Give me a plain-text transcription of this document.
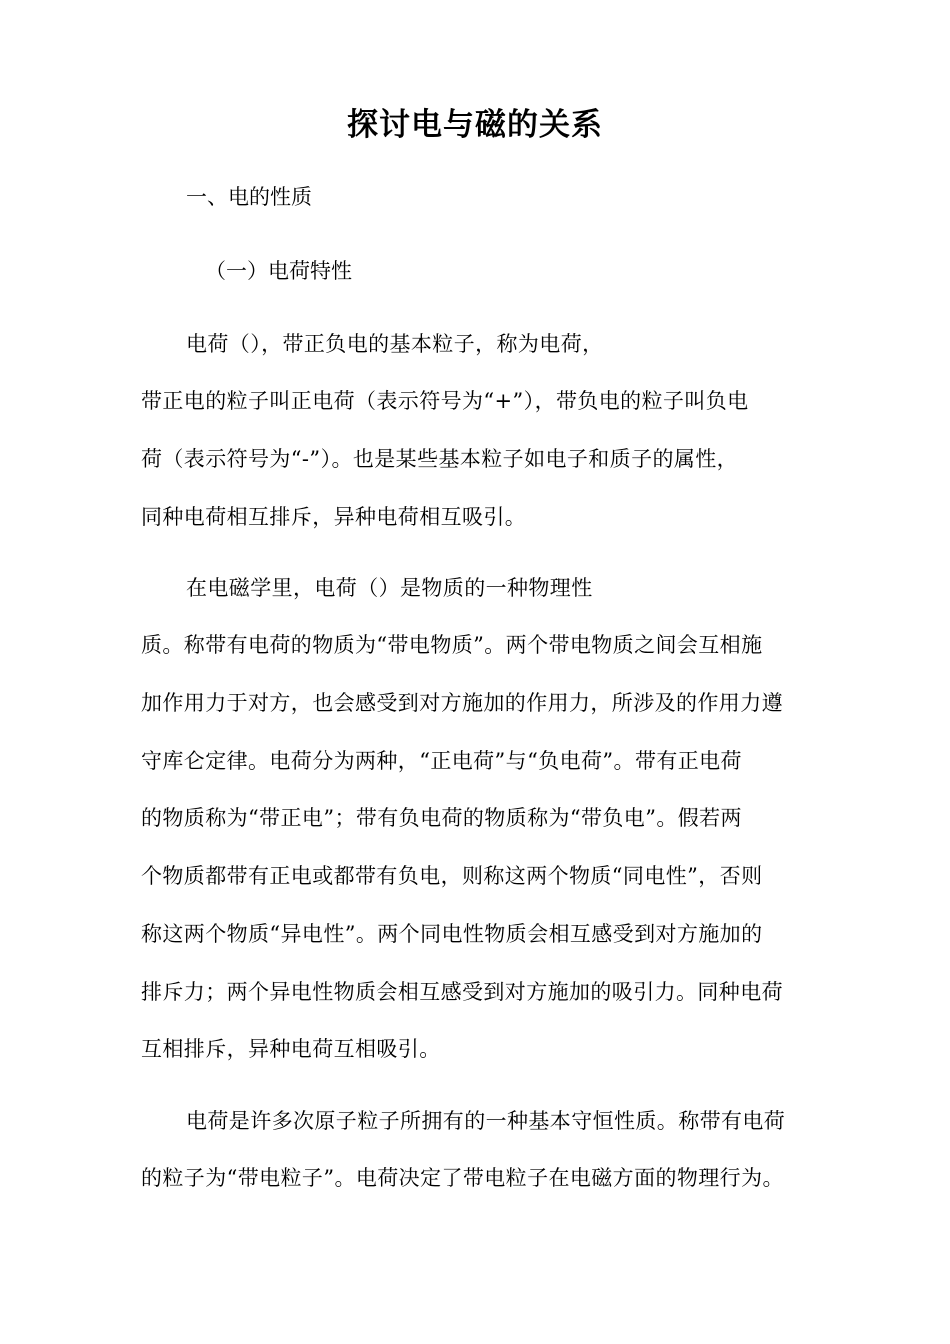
探讨电与磁的关系
一、电的性质
（一）电荷特性
电荷（），带正负电的基本粒子，称为电荷，
带正电的粒子叫正电荷（表示符号为“+”），带负电的粒子叫负电
荷（表示符号为“-”）。也是某些基本粒子如电子和质子的属性，
同种电荷相互排斥，异种电荷相互吸引。
在电磁学里，电荷（）是物质的一种物理性
质。称带有电荷的物质为“带电物质”。两个带电物质之间会互相施
加作用力于对方，也会感受到对方施加的作用力，所涉及的作用力遵
守库仑定律。电荷分为两种，“正电荷”与“负电荷”。带有正电荷
的物质称为“带正电”；带有负电荷的物质称为“带负电”。假若两
个物质都带有正电或都带有负电，则称这两个物质“同电性”，否则
称这两个物质“异电性”。两个同电性物质会相互感受到对方施加的
排斥力；两个异电性物质会相互感受到对方施加的吸引力。同种电荷
互相排斥，异种电荷互相吸引。
电荷是许多次原子粒子所拥有的一种基本守恒性质。称带有电荷
的粒子为“带电粒子”。电荷决定了带电粒子在电磁方面的物理行为。
